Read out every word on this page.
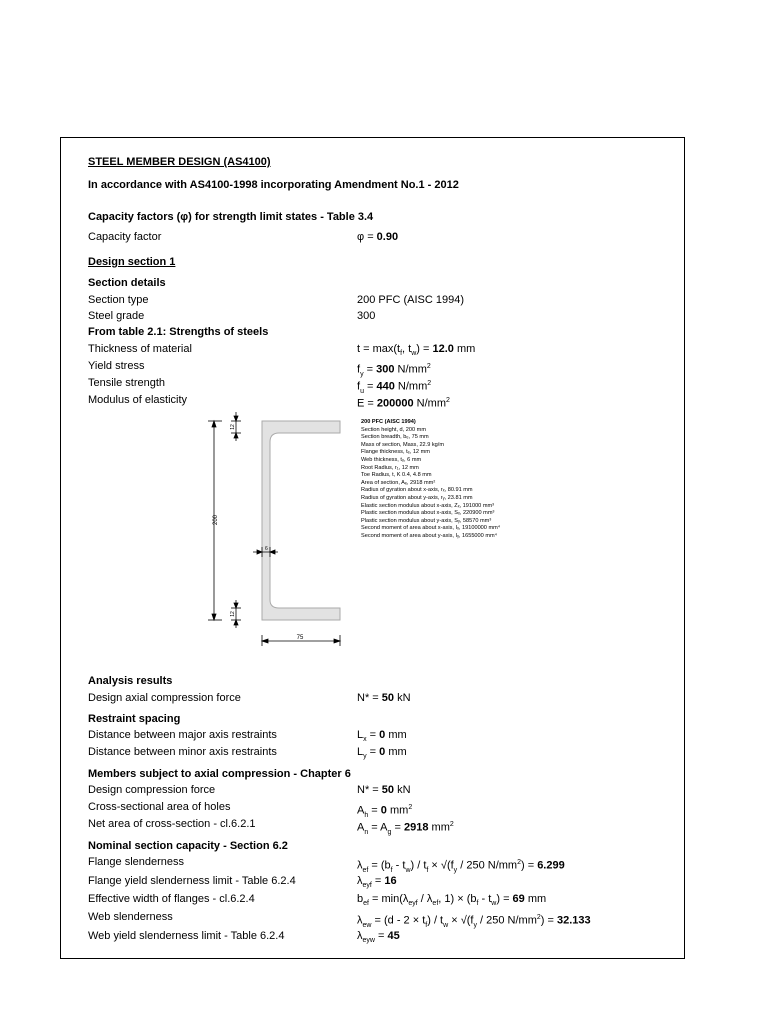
STEEL MEMBER DESIGN (AS4100)
In accordance with AS4100-1998 incorporating Amendment No.1 - 2012
Capacity factors (φ) for strength limit states - Table 3.4
Capacity factor	φ = 0.90
Design section 1
Section details
Section type	200 PFC (AISC 1994)
Steel grade	300
From table 2.1: Strengths of steels
Thickness of material	$t = \max(t_f$, $t_w) = 12.0$ mm
Yield stress	$f_y = 300$ $N/mm^2$
Tensile strength	$f_u = 440$ $N/mm^2$
Modulus of elasticity	E = 200000 $N/mm^2$
200
12
12
6
75
200 PFC (AISC 1994)
Section height, d, 200 mm
Section breadth, bₑ, 75 mm
Mass of section, Mass, 22.9 kg/m
Flange thickness, tₑ, 12 mm
Web thickness, tₒ, 6 mm
Root Radius, r₁, 12 mm
Toe Radius, t, K 0.4, 4.8 mm
Area of section, Aₑ, 2918 mm²
Radius of gyration about x-axis, rₓ, 80.91 mm
Radius of gyration about y-axis, rᵧ, 23.81 mm
Elastic section modulus about x-axis, Zₓ, 191000 mm³
Plastic section modulus about x-axis, Sₓ, 220900 mm³
Plastic section modulus about y-axis, Sᵧ, 58570 mm³
Second moment of area about x-axis, Iₓ, 19100000 mm⁴
Second moment of area about y-axis, Iᵧ, 1655000 mm⁴
Analysis results
Design axial compression force	N* = 50 kN
Restraint spacing
Distance between major axis restraints	$L_x = 0$ mm
Distance between minor axis restraints	$L_y = 0$ mm
Members subject to axial compression - Chapter 6
Design compression force	N* = 50 kN
Cross-sectional area of holes	$A_h = 0$ $mm^2$
Net area of cross-section - cl.6.2.1	$A_n = A_g = 2918$ $mm^2$
Nominal section capacity - Section 6.2
Flange slenderness	$\lambda_{ef} = (b_f - t_w) / t_f \times √(f_y / 250$ $N/mm^2) = 6.299$
Flange yield slenderness limit - Table 6.2.4	$\lambda_{eyf} = 16$
Effective width of flanges - cl.6.2.4	$b_{ef} = \min(\lambda_{eyf} / \lambda_{ef}$, $1) \times (b_f - t_w) = 69$ mm
Web slenderness	$\lambda_{ew} = (d - 2 \times t_f) / t_w \times √(f_y / 250$ $N/mm^2) = 32.133$
Web yield slenderness limit - Table 6.2.4	$\lambda_{eyw} = 45$
